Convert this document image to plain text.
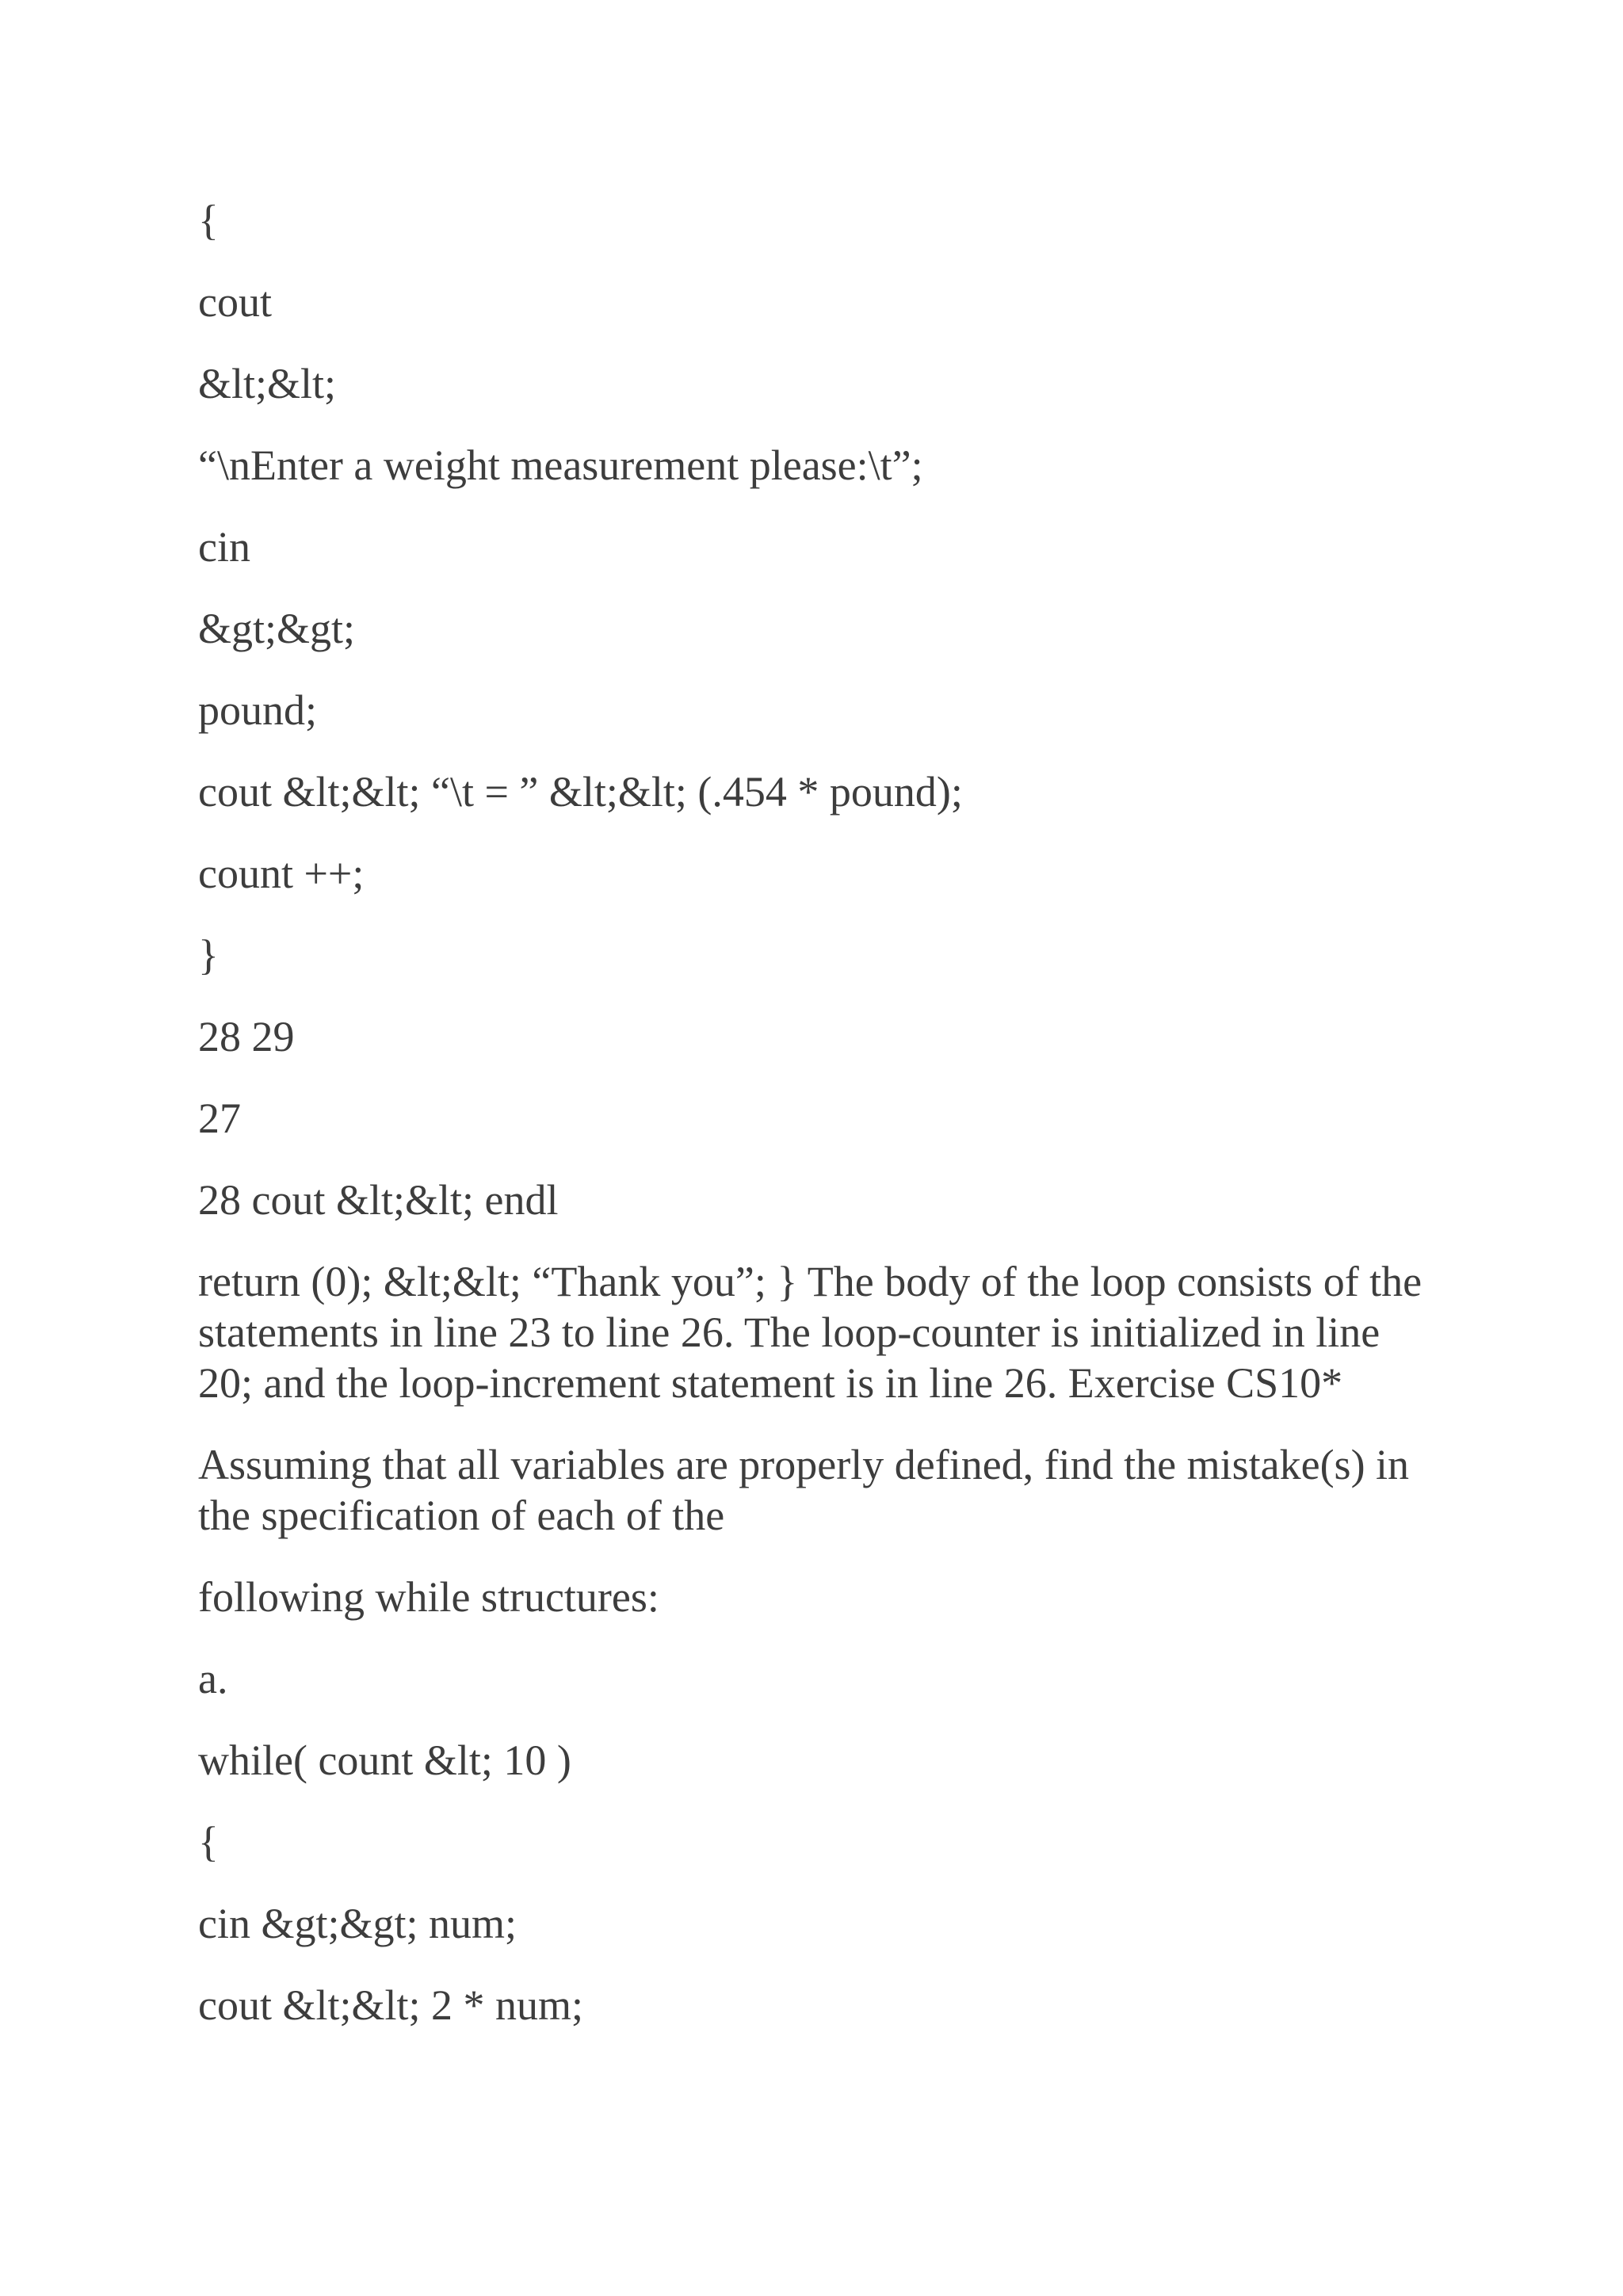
{

cout

&lt;&lt;

“\nEnter a weight measurement please:\t”;

cin

&gt;&gt;

pound;

cout &lt;&lt; “\t = ” &lt;&lt; (.454 * pound);

count ++;

}

28 29

27

28 cout &lt;&lt; endl

return (0); &lt;&lt; “Thank you”; } The body of the loop consists of the statements in line 23 to line 26. The loop-counter is initialized in line 20; and the loop-increment statement is in line 26. Exercise CS10*

Assuming that all variables are properly defined, find the mistake(s) in the specification of each of the

following while structures:

a.

while( count &lt; 10 )

{

cin &gt;&gt; num;

cout &lt;&lt; 2 * num;
